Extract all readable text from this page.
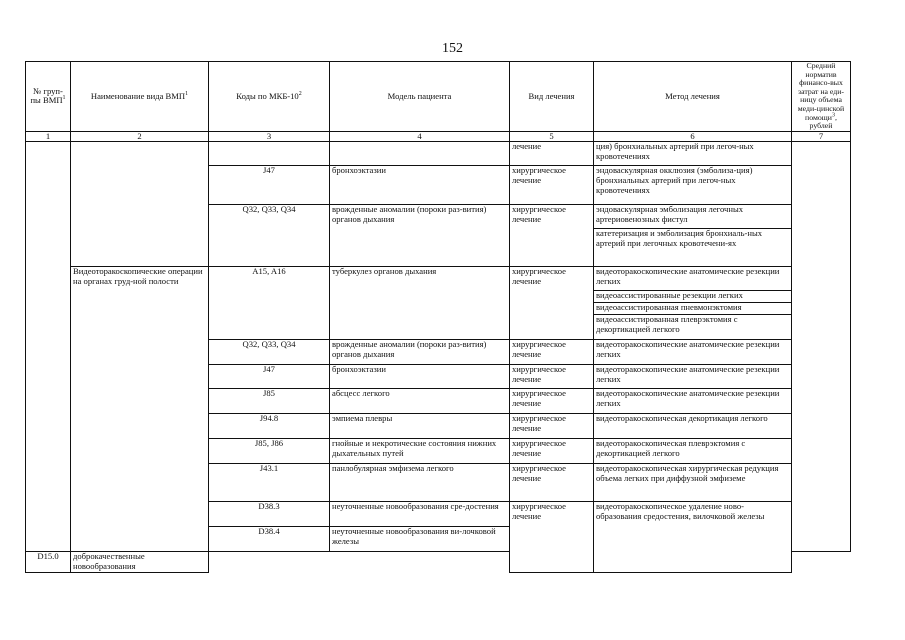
152
№ груп-пы ВМП$^1$	Наименование вида ВМП$^1$	Коды по МКБ-$10^2$	Модель пациента	Вид лечения	Метод лечения	Средний норматив финансо-вых затрат на еди-ницу объема меди-цинской помощи$^3$, рублей
1	2	3	4	5	6	7
				лечение	ция) бронхиальных артерий при легоч-ных кровотечениях	
		J47	бронхоэктазии	хирургическое лечение	эндоваскулярная окклюзия (эмболиза-ция) бронхиальных артерий при легоч-ных кровотечениях	
		Q32, Q33, Q34	врожденные аномалии (пороки раз-вития) органов дыхания	хирургическое лечение	эндоваскулярная эмболизация легочных артериовенозных фистул	
					катетеризация и эмболизация бронхиаль-ных артерий при легочных кровотечени-ях	
	Видеоторакоскопические операции на органах груд-ной полости	A15, A16	туберкулез органов дыхания	хирургическое лечение	видеоторакоскопические анатомические резекции легких	
					видеоассистированные резекции легких	
					видеоассистированная пневмонэктомия	
					видеоассистированная плеврэктомия с декортикацией легкого	
		Q32, Q33, Q34	врожденные аномалии (пороки раз-вития) органов дыхания	хирургическое лечение	видеоторакоскопические анатомические резекции легких	
		J47	бронхоэктазии	хирургическое лечение	видеоторакоскопические анатомические резекции легких	
		J85	абсцесс легкого	хирургическое лечение	видеоторакоскопические анатомические резекции легких	
		J94.8	эмпиема плевры	хирургическое лечение	видеоторакоскопическая декортикация легкого	
		J85, J86	гнойные и некротические состояния нижних дыхательных путей	хирургическое лечение	видеоторакоскопическая плеврэктомия с декортикацией легкого	
		J43.1	панлобулярная эмфизема легкого	хирургическое лечение	видеоторакоскопическая хирургическая редукция объема легких при диффузной эмфиземе	
		D38.3	неуточненные новообразования сре-достения	хирургическое лечение	видеоторакоскопическое удаление ново-образования средостения, вилочковой железы	
		D38.4	неуточненные новообразования ви-лочковой железы			
D15.0	доброкачественные новообразования					
